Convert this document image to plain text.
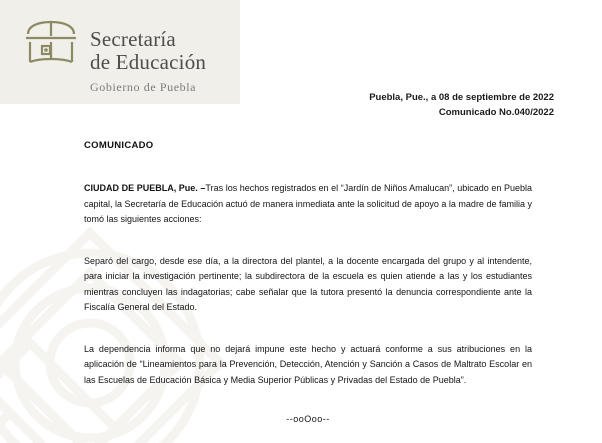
Secretaría
de Educación
Gobierno de Puebla
Puebla, Pue., a 08 de septiembre de 2022
Comunicado No.040/2022
COMUNICADO
CIUDAD DE PUEBLA, Pue. –Tras los hechos registrados en el “Jardín de Niños Amalucan”, ubicado en Puebla capital, la Secretaría de Educación actuó de manera inmediata ante la solicitud de apoyo a la madre de familia y tomó las siguientes acciones:
Separó del cargo, desde ese día, a la directora del plantel, a la docente encargada del grupo y al intendente, para iniciar la investigación pertinente; la subdirectora de la escuela es quien atiende a las y los estudiantes mientras concluyen las indagatorias; cabe señalar que la tutora presentó la denuncia correspondiente ante la Fiscalía General del Estado.
La dependencia informa que no dejará impune este hecho y actuará conforme a sus atribuciones en la aplicación de “Lineamientos para la Prevención, Detección, Atención y Sanción a Casos de Maltrato Escolar en las Escuelas de Educación Básica y Media Superior Públicas y Privadas del Estado de Puebla”.
--ooOoo--
